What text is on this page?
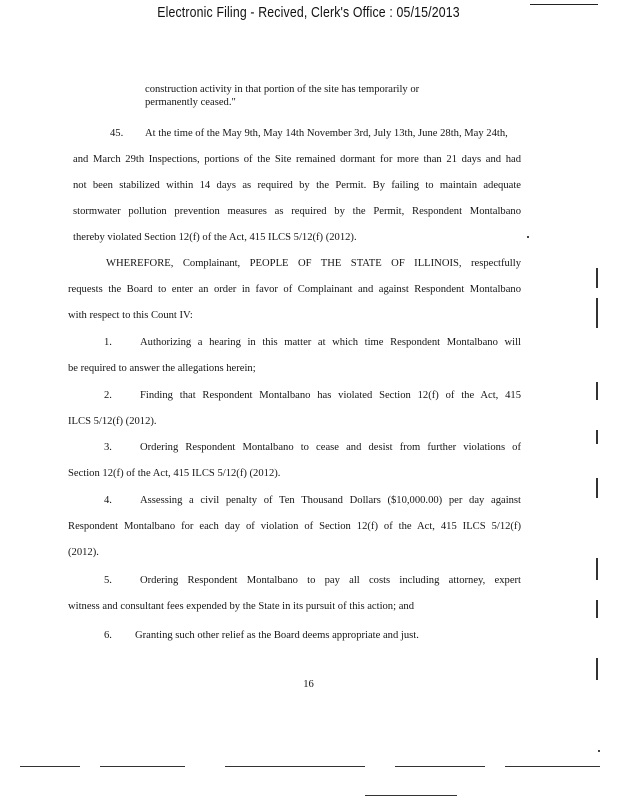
Electronic Filing - Recived, Clerk's Office : 05/15/2013
construction activity in that portion of the site has temporarily or
permanently ceased."
45. At the time of the May 9th, May 14th November 3rd, July 13th, June 28th, May 24th,
and March 29th Inspections, portions of the Site remained dormant for more than 21 days and had
not been stabilized within 14 days as required by the Permit. By failing to maintain adequate
stormwater pollution prevention measures as required by the Permit, Respondent Montalbano
thereby violated Section 12(f) of the Act, 415 ILCS 5/12(f) (2012).
WHEREFORE, Complainant, PEOPLE OF THE STATE OF ILLINOIS, respectfully
requests the Board to enter an order in favor of Complainant and against Respondent Montalbano
with respect to this Count IV:
1.	Authorizing a hearing in this matter at which time Respondent Montalbano will
be required to answer the allegations herein;
2.	Finding that Respondent Montalbano has violated Section 12(f) of the Act, 415
ILCS 5/12(f) (2012).
3.	Ordering Respondent Montalbano to cease and desist from further violations of
Section 12(f) of the Act, 415 ILCS 5/12(f) (2012).
4.	Assessing a civil penalty of Ten Thousand Dollars ($10,000.00) per day against
Respondent Montalbano for each day of violation of Section 12(f) of the Act, 415 ILCS 5/12(f)
(2012).
5.	Ordering Respondent Montalbano to pay all costs including attorney, expert
witness and consultant fees expended by the State in its pursuit of this action; and
6. Granting such other relief as the Board deems appropriate and just.
16
